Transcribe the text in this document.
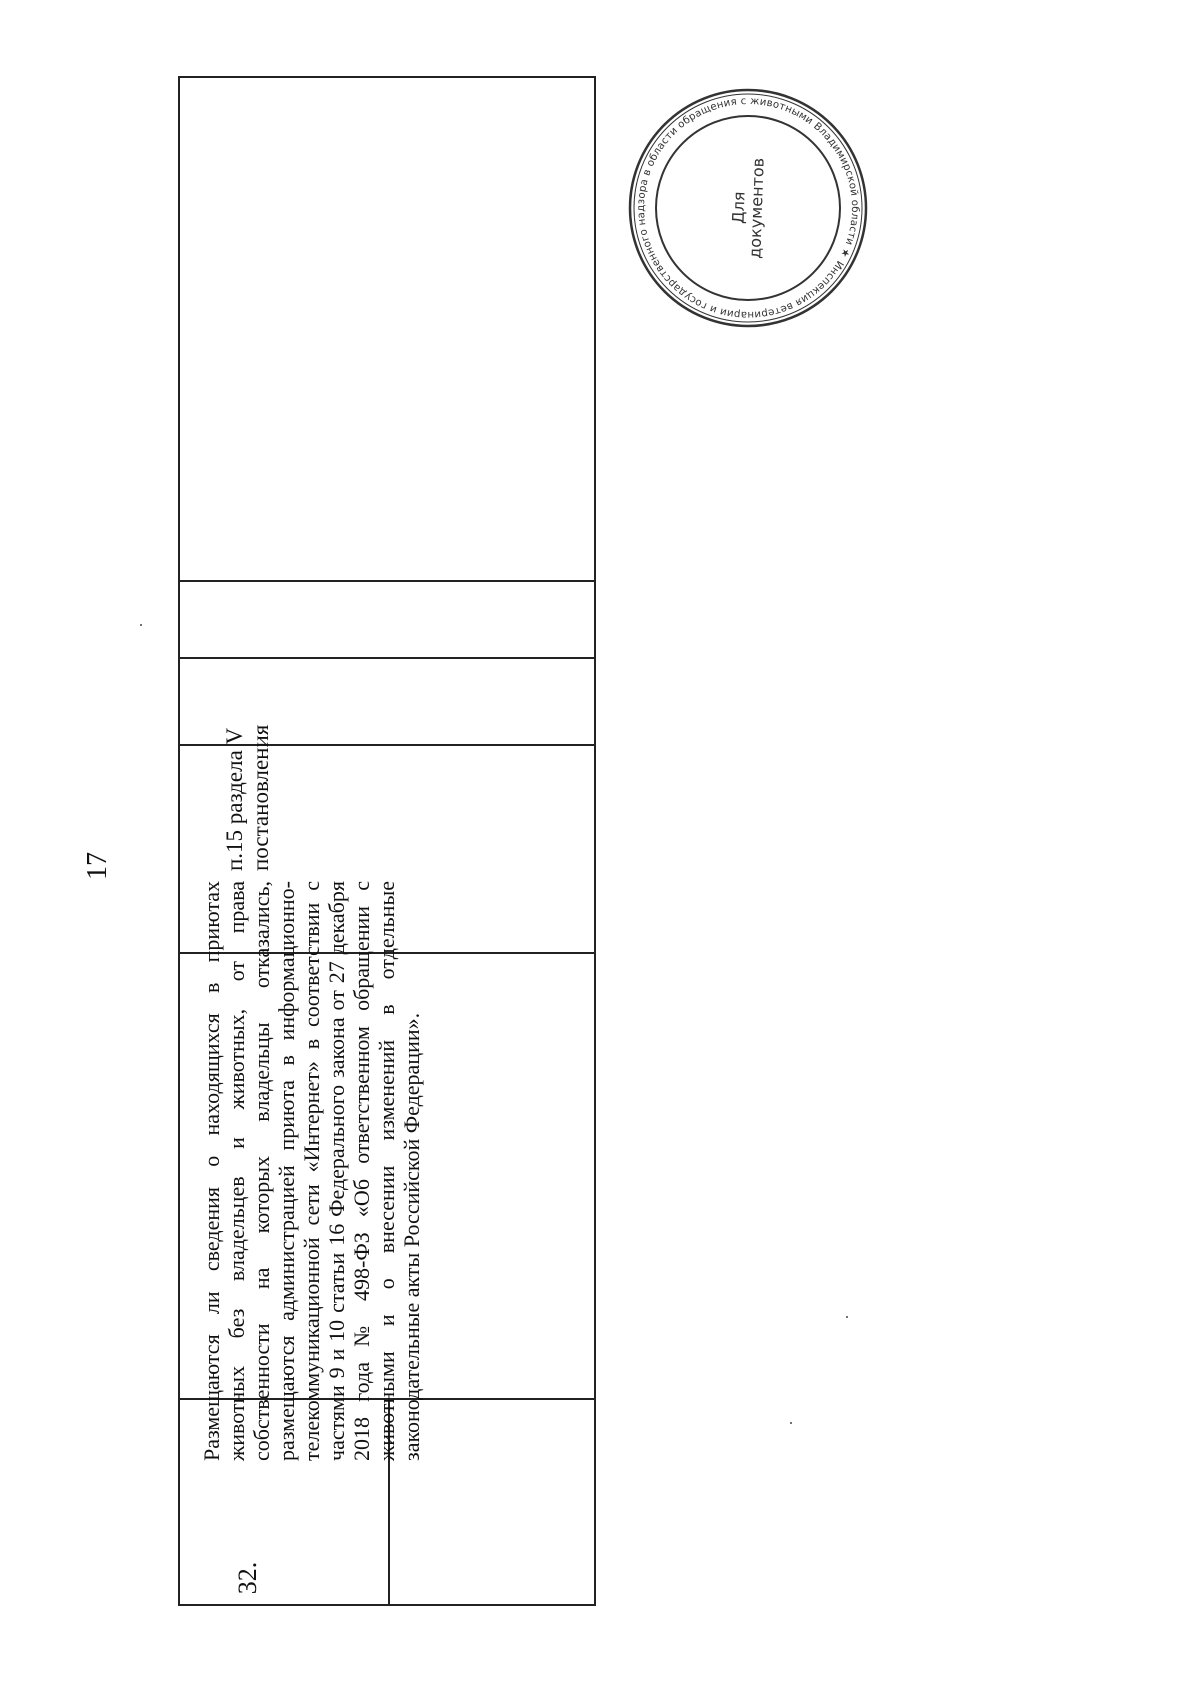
17
32.
Размещаются ли сведения о находящихся в приютах животных без владельцев и животных, от права собственности на которых владельцы отказались, размещаются администрацией приюта в информационно-телекоммуникационной сети «Интернет» в соответствии с частями 9 и 10 статьи 16 Федерального закона от 27 декабря 2018 года № 498-ФЗ «Об ответственном обращении с животными и о внесении изменений в отдельные законодательные акты Российской Федерации».
п.15 раздела V постановления
Инспекция ветеринарии и государственного надзора в области обращения с животными Владимирской области ★
Для
документов
